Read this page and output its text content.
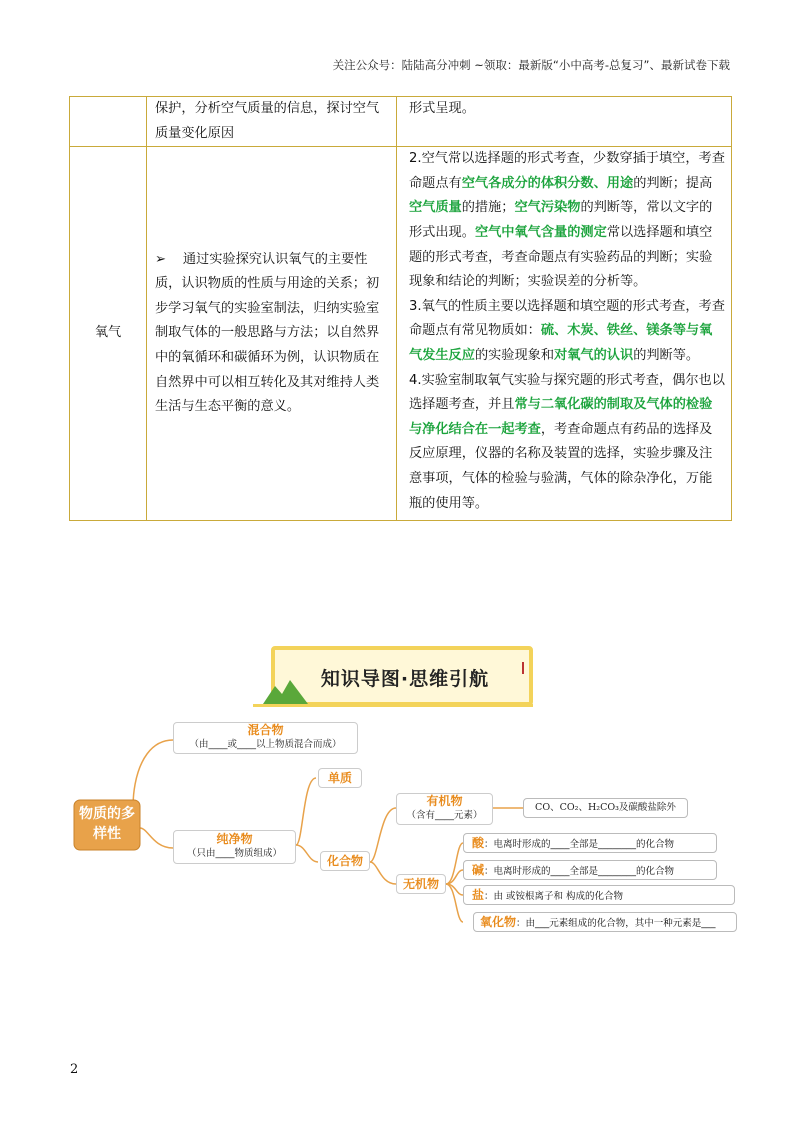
关注公众号：陆陆高分冲刺 ~领取：最新版“小中高考-总复习”、最新试卷下载
	保护，分析空气质量的信息，探讨空气质量变化原因	形式呈现。
氧气	➢ 通过实验探究认识氧气的主要性质，认识物质的性质与用途的关系；初步学习氧气的实验室制法，归纳实验室制取气体的一般思路与方法；以自然界中的氧循环和碳循环为例，认识物质在自然界中可以相互转化及其对维持人类生活与生态平衡的意义。	2.空气常以选择题的形式考查，少数穿插于填空，考查命题点有空气各成分的体积分数、用途的判断；提高空气质量的措施；空气污染物的判断等，常以文字的形式出现。空气中氧气含量的测定常以选择题和填空题的形式考查，考查命题点有实验药品的判断；实验现象和结论的判断；实验误差的分析等。
3.氧气的性质主要以选择题和填空题的形式考查，考查命题点有常见物质如：硫、木炭、铁丝、镁条等与氧气发生反应的实验现象和对氧气的认识的判断等。
4.实验室制取氧气实验与探究题的形式考查，偶尔也以选择题考查，并且常与二氧化碳的制取及气体的检验与净化结合在一起考查，考查命题点有药品的选择及反应原理，仪器的名称及装置的选择，实验步骤及注意事项，气体的检验与验满，气体的除杂净化，万能瓶的使用等。
知识导图·思维引航
物质的多样性
混合物
（由____或____以上物质混合而成）
纯净物
（只由____物质组成）
单质
化合物
有机物
（含有____元素）
CO、CO₂、H₂CO₃及碳酸盐除外
无机物
酸：电离时形成的____全部是________的化合物
碱：电离时形成的____全部是________的化合物
盐：由 或铵根离子和 构成的化合物
氧化物：由___元素组成的化合物，其中一种元素是___
2
